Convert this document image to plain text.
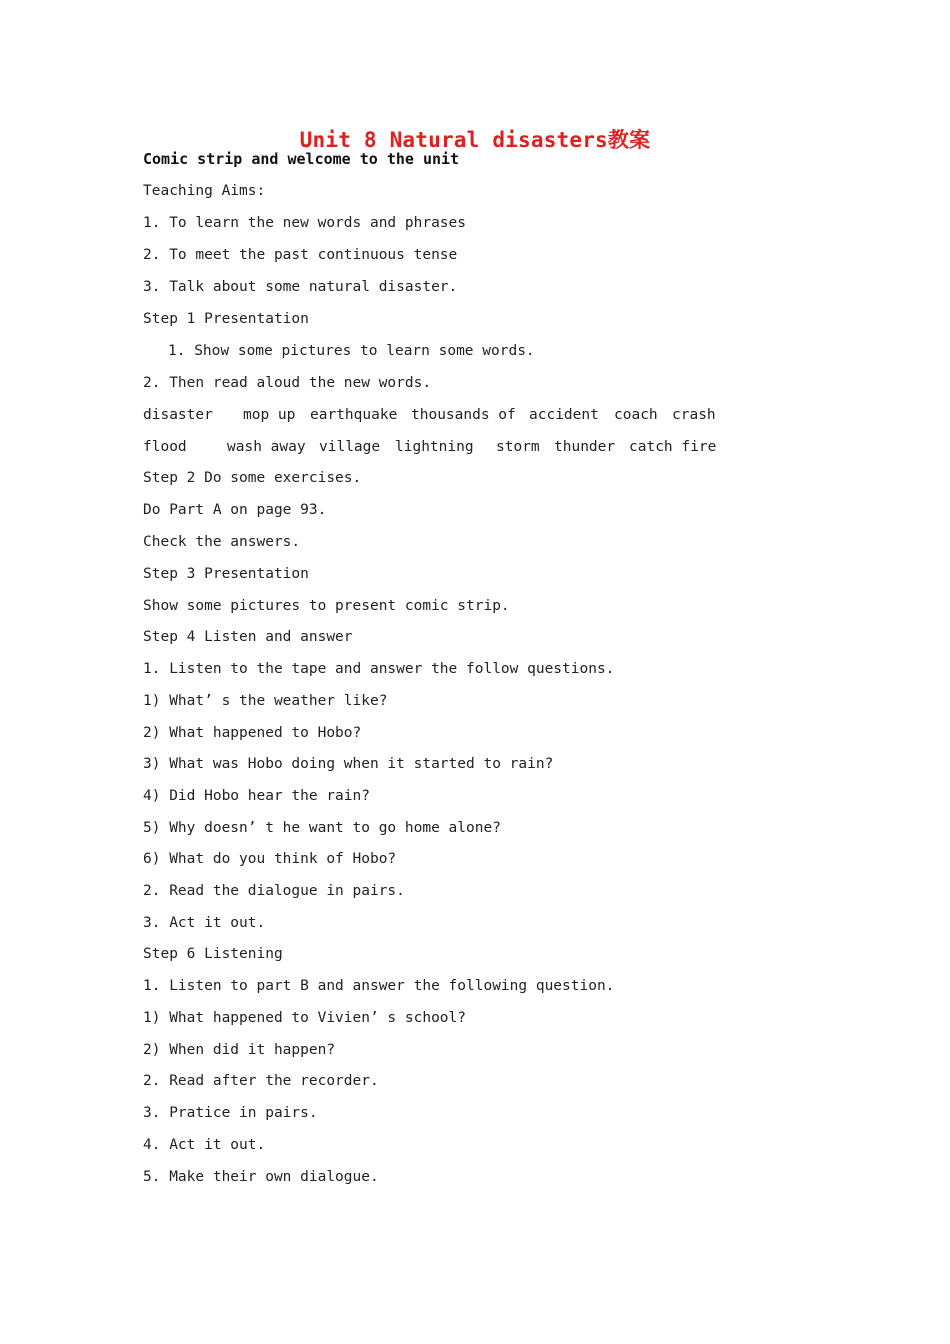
Unit 8 Natural disasters教案
Comic strip and welcome to the unit
Teaching Aims:
1. To learn the new words and phrases
2. To meet the past continuous tense
3. Talk about some natural disaster.
Step 1 Presentation
1. Show some pictures to learn some words.
2. Then read aloud the new words.
disaster	mop up	earthquake thousands of accident	coach crash
flood	wash away village	lightning	storm thunder catch fire
Step 2 Do some exercises.
Do Part A on page 93.
Check the answers.
Step 3 Presentation
Show some pictures to present comic strip.
Step 4 Listen and answer
1. Listen to the tape and answer the follow questions.
1) What’ s the weather like?
2) What happened to Hobo?
3) What was Hobo doing when it started to rain?
4) Did Hobo hear the rain?
5) Why doesn’ t he want to go home alone?
6) What do you think of Hobo?
2. Read the dialogue in pairs.
3. Act it out.
Step 6 Listening
1. Listen to part B and answer the following question.
1) What happened to Vivien’ s school?
2) When did it happen?
2. Read after the recorder.
3. Pratice in pairs.
4. Act it out.
5. Make their own dialogue.
